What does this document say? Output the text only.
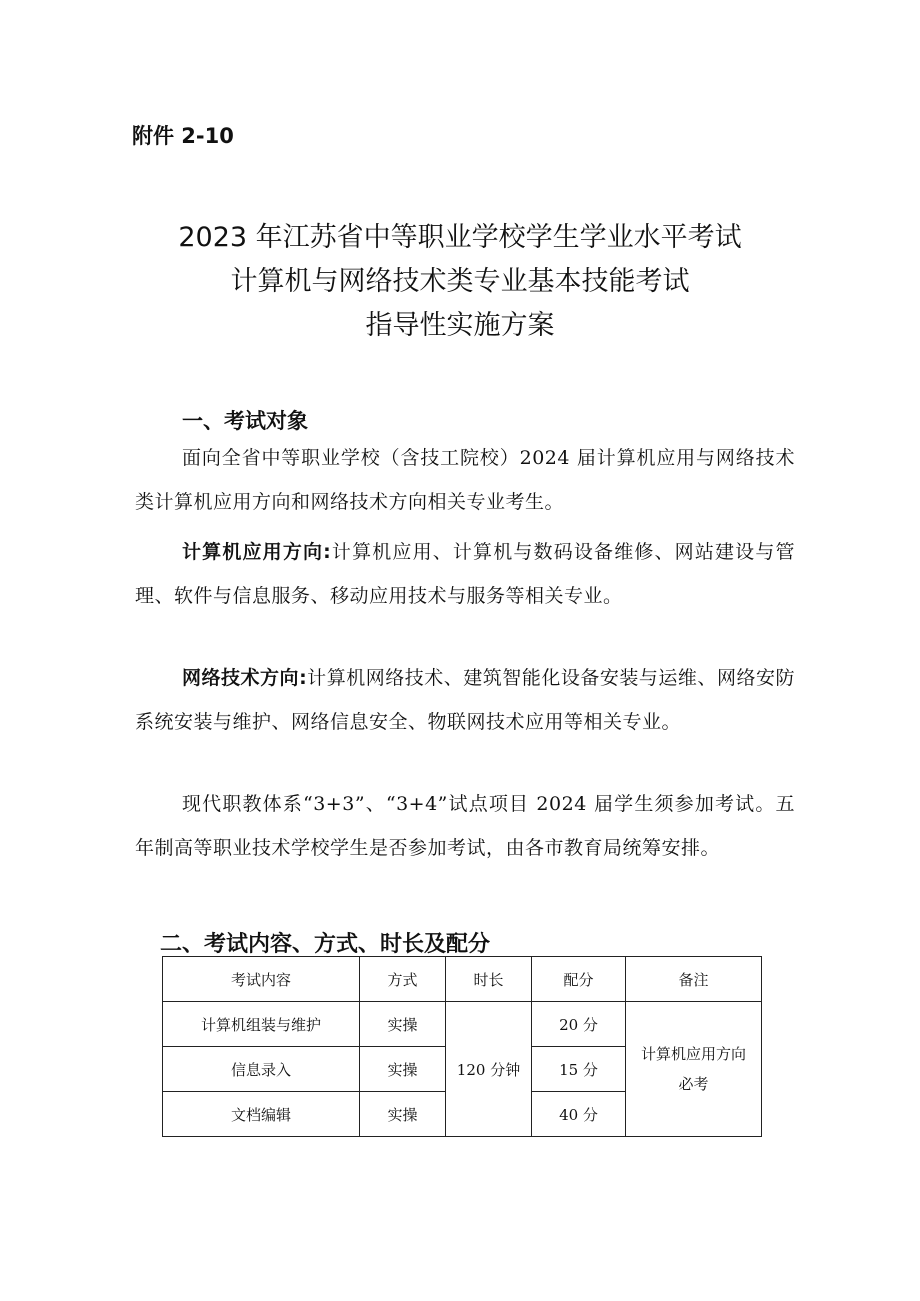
附件 2-10
2023 年江苏省中等职业学校学生学业水平考试
计算机与网络技术类专业基本技能考试
指导性实施方案
一、考试对象

面向全省中等职业学校（含技工院校）2024 届计算机应用与网络技术类计算机应用方向和网络技术方向相关专业考生。

计算机应用方向:计算机应用、计算机与数码设备维修、网站建设与管理、软件与信息服务、移动应用技术与服务等相关专业。

网络技术方向:计算机网络技术、建筑智能化设备安装与运维、网络安防系统安装与维护、网络信息安全、物联网技术应用等相关专业。

现代职教体系“3+3”、“3+4”试点项目 2024 届学生须参加考试。五年制高等职业技术学校学生是否参加考试，由各市教育局统筹安排。

二、考试内容、方式、时长及配分
考试内容	方式	时长	配分	备注
计算机组装与维护	实操	120 分钟	20 分	计算机应用方向
必考

信息录入	实操		15 分	
文档编辑	实操		40 分	
